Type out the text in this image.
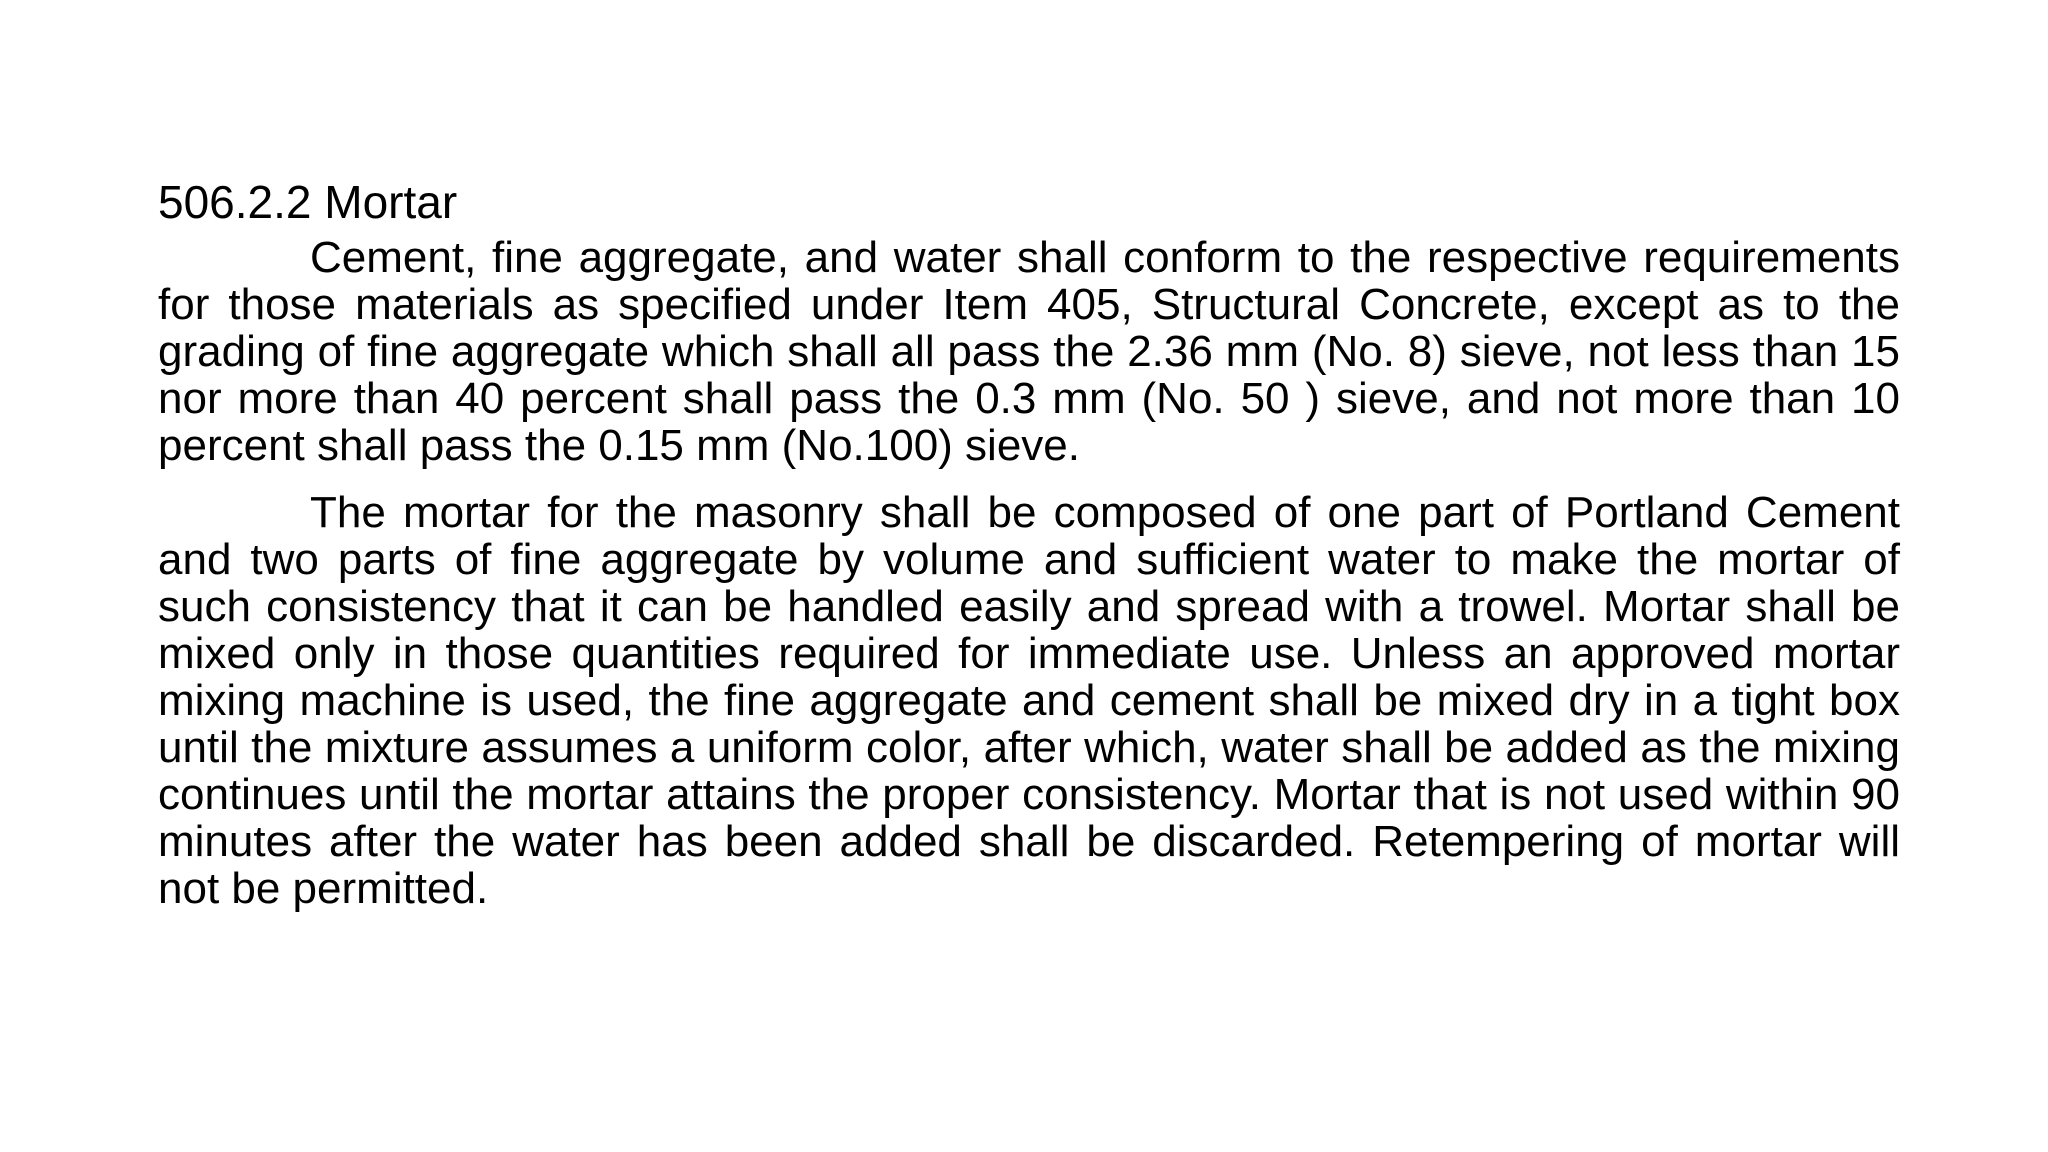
506.2.2 Mortar

Cement, fine aggregate, and water shall conform to the respective requirements for those materials as specified under Item 405, Structural Concrete, except as to the grading of fine aggregate which shall all pass the 2.36 mm (No. 8) sieve, not less than 15 nor more than 40 percent shall pass the 0.3 mm (No. 50 ) sieve, and not more than 10 percent shall pass the 0.15 mm (No.100) sieve.

The mortar for the masonry shall be composed of one part of Portland Cement and two parts of fine aggregate by volume and sufficient water to make the mortar of such consistency that it can be handled easily and spread with a trowel. Mortar shall be mixed only in those quantities required for immediate use. Unless an approved mortar mixing machine is used, the fine aggregate and cement shall be mixed dry in a tight box until the mixture assumes a uniform color, after which, water shall be added as the mixing continues until the mortar attains the proper consistency. Mortar that is not used within 90 minutes after the water has been added shall be discarded. Retempering of mortar will not be permitted.
